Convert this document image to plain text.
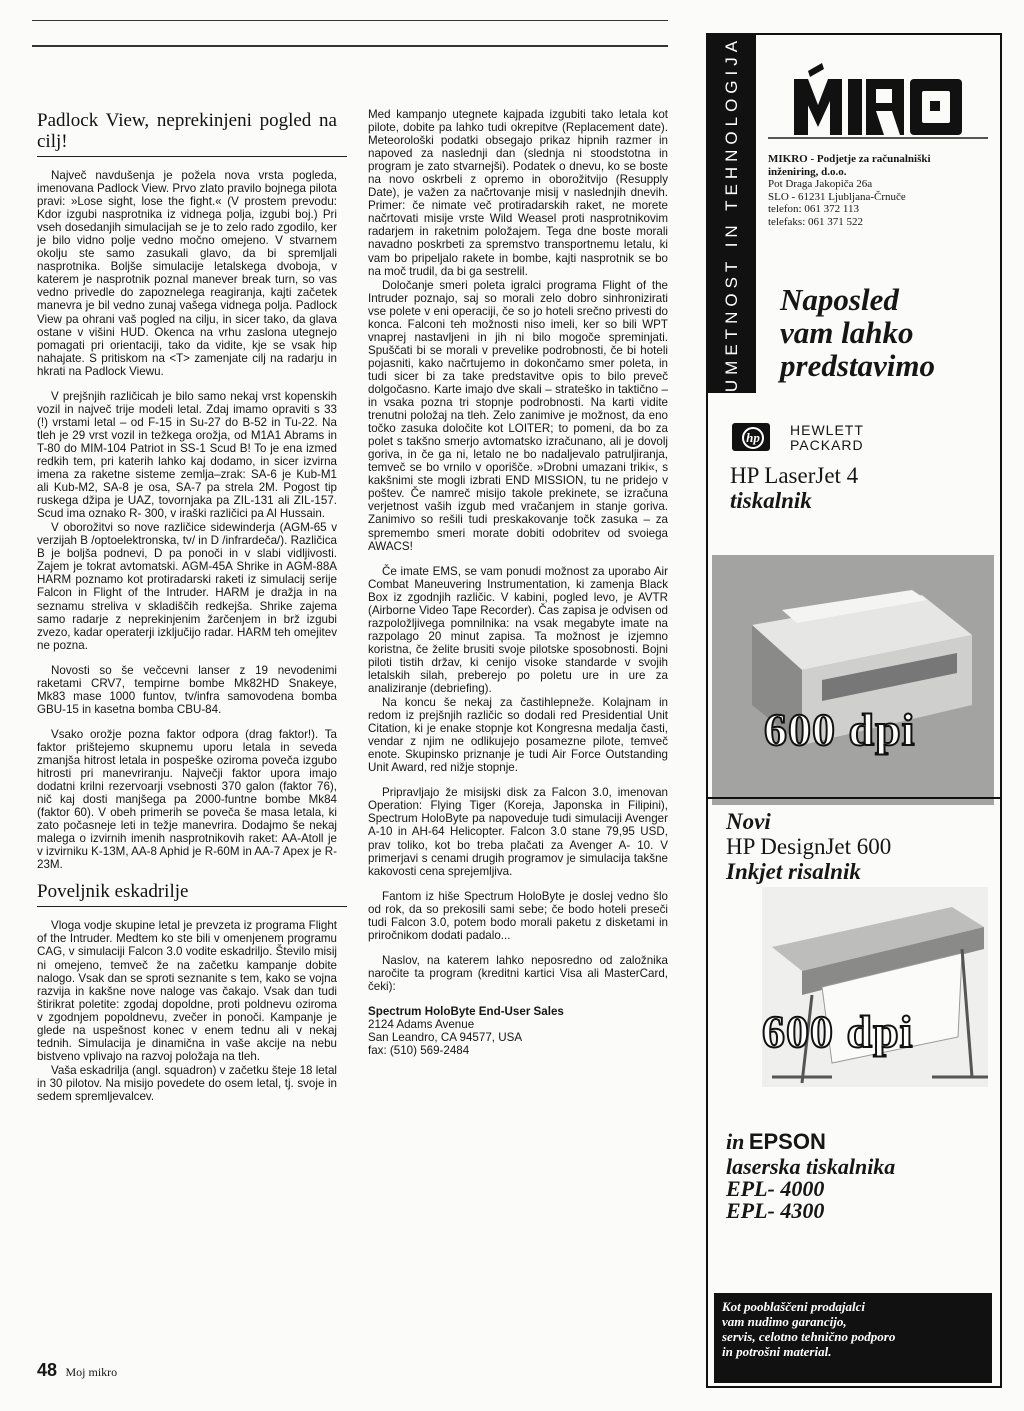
Padlock View, neprekinjeni pogled na cilj!

Največ navdušenja je požela nova vrsta pogleda, imenovana Padlock View. Prvo zlato pravilo bojnega pilota pravi: »Lose sight, lose the fight.« (V prostem prevodu: Kdor izgubi nasprotnika iz vidnega polja, izgubi boj.) Pri vseh dosedanjih simulacijah se je to zelo rado zgodilo, ker je bilo vidno polje vedno močno omejeno. V stvarnem okolju ste samo zasukali glavo, da bi spremljali nasprotnika. Boljše simulacije letalskega dvoboja, v katerem je nasprotnik poznal manever break turn, so vas vedno privedle do zapoznelega reagiranja, kajti začetek manevra je bil vedno zunaj vašega vidnega polja. Padlock View pa ohrani vaš pogled na cilju, in sicer tako, da glava ostane v višini HUD. Okenca na vrhu zaslona utegnejo pomagati pri orientaciji, tako da vidite, kje se vsak hip nahajate. S pritiskom na <T> zamenjate cilj na radarju in hkrati na Padlock Viewu.

V prejšnjih različicah je bilo samo nekaj vrst kopenskih vozil in največ trije modeli letal. Zdaj imamo opraviti s 33 (!) vrstami letal – od F-15 in Su-27 do B-52 in Tu-22. Na tleh je 29 vrst vozil in težkega orožja, od M1A1 Abrams in T-80 do MIM-104 Patriot in SS-1 Scud B! To je ena izmed redkih tem, pri katerih lahko kaj dodamo, in sicer izvirna imena za raketne sisteme zemlja–zrak: SA-6 je Kub-M1 ali Kub-M2, SA-8 je osa, SA-7 pa strela 2M. Pogost tip ruskega džipa je UAZ, tovornjaka pa ZIL-131 ali ZIL-157. Scud ima oznako R- 300, v iraški različici pa Al Hussain.

V oborožitvi so nove različice sidewinderja (AGM-65 v verzijah B /optoelektronska, tv/ in D /infrardeča/). Različica B je boljša podnevi, D pa ponoči in v slabi vidljivosti. Zajem je tokrat avtomatski. AGM-45A Shrike in AGM-88A HARM poznamo kot protiradarski raketi iz simulacij serije Falcon in Flight of the Intruder. HARM je dražja in na seznamu streliva v skladiščih redkejša. Shrike zajema samo radarje z neprekinjenim žarčenjem in brž izgubi zvezo, kadar operaterji izključijo radar. HARM teh omejitev ne pozna.

Novosti so še večcevni lanser z 19 nevodenimi raketami CRV7, tempirne bombe Mk82HD Snakeye, Mk83 mase 1000 funtov, tv/infra samovodena bomba GBU-15 in kasetna bomba CBU-84.

Vsako orožje pozna faktor odpora (drag faktor!). Ta faktor prištejemo skupnemu uporu letala in seveda zmanjša hitrost letala in pospeške oziroma poveča izgubo hitrosti pri manevriranju. Največji faktor upora imajo dodatni krilni rezervoarji vsebnosti 370 galon (faktor 76), nič kaj dosti manjšega pa 2000-funtne bombe Mk84 (faktor 60). V obeh primerih se poveča še masa letala, ki zato počasneje leti in težje manevrira. Dodajmo še nekaj malega o izvirnih imenih nasprotnikovih raket: AA-Atoll je v izvirniku K-13M, AA-8 Aphid je R-60M in AA-7 Apex je R-23M.

Poveljnik eskadrilje

Vloga vodje skupine letal je prevzeta iz programa Flight of the Intruder. Medtem ko ste bili v omenjenem programu CAG, v simulaciji Falcon 3.0 vodite eskadriljo. Število misij ni omejeno, temveč že na začetku kampanje dobite nalogo. Vsak dan se sproti seznanite s tem, kako se vojna razvija in kakšne nove naloge vas čakajo. Vsak dan tudi štirikrat poletite: zgodaj dopoldne, proti poldnevu oziroma v zgodnjem popoldnevu, zvečer in ponoči. Kampanje je glede na uspešnost konec v enem tednu ali v nekaj tednih. Simulacija je dinamična in vaše akcije na nebu bistveno vplivajo na razvoj položaja na tleh.

Vaša eskadrilja (angl. squadron) v začetku šteje 18 letal in 30 pilotov. Na misijo povedete do osem letal, tj. svoje in sedem spremljevalcev.

48 Moj mikro

Med kampanjo utegnete kajpada izgubiti tako letala kot pilote, dobite pa lahko tudi okrepitve (Replacement date). Meteorološki podatki obsegajo prikaz hipnih razmer in napoved za naslednji dan (slednja ni stoodstotna in program je zato stvarnejši). Podatek o dnevu, ko se boste na novo oskrbeli z opremo in oborožitvijo (Resupply Date), je važen za načrtovanje misij v naslednjih dnevih. Primer: če nimate več protiradarskih raket, ne morete načrtovati misije vrste Wild Weasel proti nasprotnikovim radarjem in raketnim položajem. Tega dne boste morali navadno poskrbeti za spremstvo transportnemu letalu, ki vam bo pripeljalo rakete in bombe, kajti nasprotnik se bo na moč trudil, da bi ga sestrelil.

Določanje smeri poleta igralci programa Flight of the Intruder poznajo, saj so morali zelo dobro sinhronizirati vse polete v eni operaciji, če so jo hoteli srečno privesti do konca. Falconi teh možnosti niso imeli, ker so bili WPT vnaprej nastavljeni in jih ni bilo mogoče spreminjati. Spuščati bi se morali v prevelike podrobnosti, če bi hoteli pojasniti, kako načrtujemo in dokončamo smer poleta, in tudi sicer bi za take predstavitve opis to bilo preveč dolgočasno. Karte imajo dve skali – strateško in taktično – in vsaka pozna tri stopnje podrobnosti. Na karti vidite trenutni položaj na tleh. Zelo zanimive je možnost, da eno točko zasuka določite kot LOITER; to pomeni, da bo za polet s takšno smerjo avtomatsko izračunano, ali je dovolj goriva, in če ga ni, letalo ne bo nadaljevalo patruljiranja, temveč se bo vrnilo v oporišče. »Drobni umazani triki«, s kakšnimi ste mogli izbrati END MISSION, tu ne pridejo v poštev. Če namreč misijo takole prekinete, se izračuna verjetnost vaših izgub med vračanjem in stanje goriva. Zanimivo so rešili tudi preskakovanje točk zasuka – za spremembo smeri morate dobiti odobritev od svoiega AWACS!

Če imate EMS, se vam ponudi možnost za uporabo Air Combat Maneuvering Instrumentation, ki zamenja Black Box iz zgodnjih različic. V kabini, pogled levo, je AVTR (Airborne Video Tape Recorder). Čas zapisa je odvisen od razpoložljivega pomnilnika: na vsak megabyte imate na razpolago 20 minut zapisa. Ta možnost je izjemno koristna, če želite brusiti svoje pilotske sposobnosti. Bojni piloti tistih držav, ki cenijo visoke standarde v svojih letalskih silah, preberejo po poletu ure in ure za analiziranje (debriefing).

Na koncu še nekaj za častihlepneže. Kolajnam in redom iz prejšnjih različic so dodali red Presidential Unit Citation, ki je enake stopnje kot Kongresna medalja časti, vendar z njim ne odlikujejo posamezne pilote, temveč enote. Skupinsko priznanje je tudi Air Force Outstanding Unit Award, red nižje stopnje.

Pripravljajo že misijski disk za Falcon 3.0, imenovan Operation: Flying Tiger (Koreja, Japonska in Filipini), Spectrum HoloByte pa napoveduje tudi simulaciji Avenger A-10 in AH-64 Helicopter. Falcon 3.0 stane 79,95 USD, prav toliko, kot bo treba plačati za Avenger A- 10. V primerjavi s cenami drugih programov je simulacija takšne kakovosti cena sprejemljiva.

Fantom iz hiše Spectrum HoloByte je doslej vedno šlo od rok, da so prekosili sami sebe; če bodo hoteli preseči tudi Falcon 3.0, potem bodo morali paketu z disketami in priročnikom dodati padalo...

Naslov, na katerem lahko neposredno od založnika naročite ta program (kreditni kartici Visa ali MasterCard, čeki):

Spectrum HoloByte End-User Sales
2124 Adams Avenue
San Leandro, CA 94577, USA
fax: (510) 569-2484
UMETNOST IN TEHNOLOGIJA MIKRO - Podjetje za računalniški
inženiring, d.o.o.
Pot Draga Jakopiča 26a
SLO - 61231 Ljubljana-Črnuče
telefon: 061 372 113
telefaks: 061 371 522
Naposled
vam lahko
predstavimo
hp HEWLETT
PACKARD
HP LaserJet 4
tiskalnik
600 dpi
Novi
HP DesignJet 600
Inkjet risalnik
600 dpi
in EPSON
laserska tiskalnika
EPL- 4000
EPL- 4300
Kot pooblaščeni prodajalci
vam nudimo garancijo,
servis, celotno tehnično podporo
in potrošni material.
